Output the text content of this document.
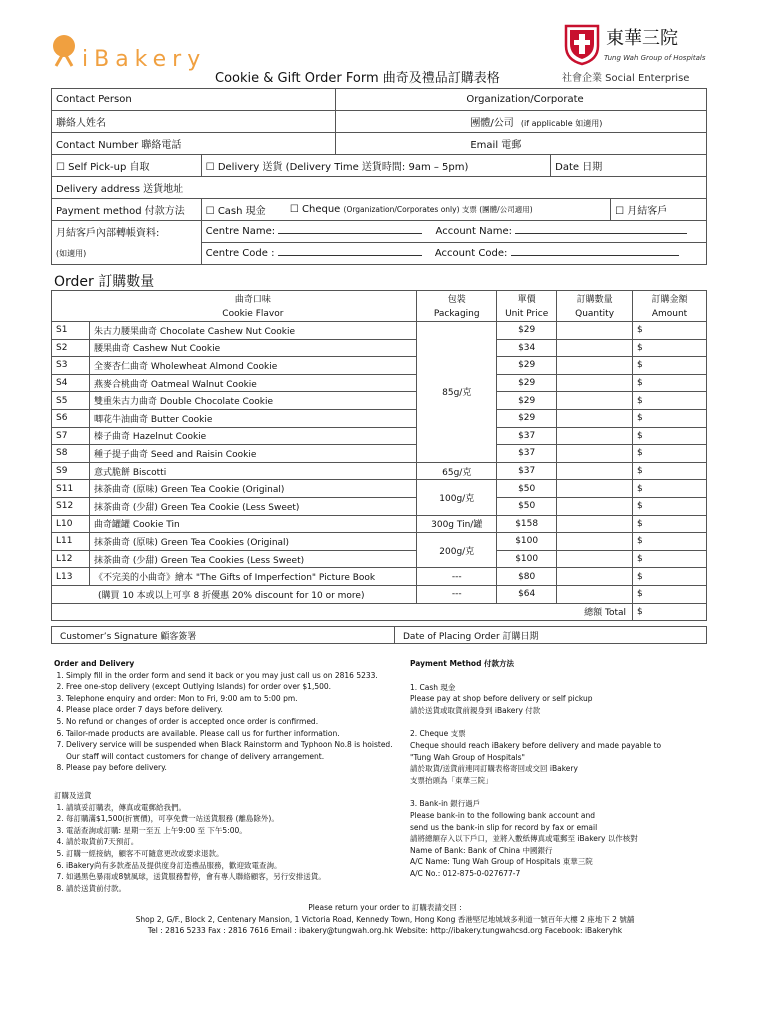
iBakery
東華三院
Tung Wah Group of Hospitals
Cookie & Gift Order Form 曲奇及禮品訂購表格	社會企業 Social Enterprise
Contact Person		Organization/Corporate		

聯絡人姓名		團體/公司 (if applicable 如適用)		
Contact Number 聯絡電話		Email 電郵		
☐ Self Pick-up 自取	☐ Delivery 送貨 (Delivery Time 送貨時間: 9am – 5pm)		Date 日期	
Delivery address 送貨地址				
Payment method 付款方法	☐ Cash 現金	☐ Cheque (Organization/Corporates only) 支票 (團體/公司適用)		☐ 月結客戶
月結客戶內部轉帳資料:	Centre Name: Account Name:			
(如適用)	Centre Code : Account Code:			
Order 訂購數量
	曲奇口味	包裝	單價	訂購數量	訂購金額
	Cookie Flavor	Packaging	Unit Price	Quantity	Amount
S1	朱古力腰果曲奇 Chocolate Cashew Nut Cookie	85g/克	$29		$
S2	腰果曲奇 Cashew Nut Cookie		$34		$
S3	全麥杏仁曲奇 Wholewheat Almond Cookie		$29		$
S4	燕麥合桃曲奇 Oatmeal Walnut Cookie		$29		$
S5	雙重朱古力曲奇 Double Chocolate Cookie		$29		$
S6	唧花牛油曲奇 Butter Cookie		$29		$
S7	榛子曲奇 Hazelnut Cookie		$37		$
S8	種子提子曲奇 Seed and Raisin Cookie		$37		$
S9	意式脆餅 Biscotti	65g/克	$37		$
S11	抹茶曲奇 (原味) Green Tea Cookie (Original)	100g/克	$50		$
S12	抹茶曲奇 (少甜) Green Tea Cookie (Less Sweet)		$50		$
L10	曲奇罐罐 Cookie Tin	300g Tin/罐	$158		$
L11	抹茶曲奇 (原味) Green Tea Cookies (Original)	200g/克	$100		$
L12	抹茶曲奇 (少甜) Green Tea Cookies (Less Sweet)		$100		$
L13	《不完美的小曲奇》繪本 "The Gifts of Imperfection" Picture Book	---	$80		$
(購買 10 本或以上可享 8 折優惠 20% discount for 10 or more)		---	$64		$
總額 Total					$
Customer’s Signature 顧客簽署	Date of Placing Order 訂購日期
Order and Delivery
1. Simply fill in the order form and send it back or you may just call us on 2816 5233.
2. Free one-stop delivery (except Outlying Islands) for order over $1,500.
3. Telephone enquiry and order: Mon to Fri, 9:00 am to 5:00 pm.
4. Please place order 7 days before delivery.
5. No refund or changes of order is accepted once order is confirmed.
6. Tailor-made products are available. Please call us for further information.
7. Delivery service will be suspended when Black Rainstorm and Typhoon No.8 is hoisted. Our staff will contact customers for change of delivery arrangement.
8. Please pay before delivery.
訂購及送貨
1. 請填妥訂購表，傳真或電郵給我們。
2. 每訂購滿$1,500(折實價)，可享免費一站送貨服務 (離島除外)。
3. 電話查詢或訂購: 星期一至五 上午9:00 至 下午5:00。
4. 請於取貨前7天預訂。
5. 訂購一經接納，顧客不可隨意更改或要求退款。
6. iBakery尚有多款產品及提供度身訂造禮品服務，歡迎致電查詢。
7. 如遇黑色暴雨或8號風球，送貨服務暫停，會有專人聯絡顧客，另行安排送貨。
8. 請於送貨前付款。
Payment Method 付款方法
1. Cash 現金
Please pay at shop before delivery or self pickup
請於送貨或取貨前親身到 iBakery 付款
2. Cheque 支票
Cheque should reach iBakery before delivery and made payable to
"Tung Wah Group of Hospitals"
請於取貨/送貨前連同訂購表格寄回或交回 iBakery
支票抬頭為「東華三院」
3. Bank-in 銀行過戶
Please bank-in to the following bank account and
send us the bank-in slip for record by fax or email
請將總額存入以下戶口，並將入數紙傳真或電郵至 iBakery 以作核對
Name of Bank: Bank of China 中國銀行
A/C Name: Tung Wah Group of Hospitals 東華三院
A/C No.: 012-875-0-027677-7
Please return your order to 訂購表請交回 :
Shop 2, G/F., Block 2, Centenary Mansion, 1 Victoria Road, Kennedy Town, Hong Kong 香港堅尼地城域多利道一號百年大樓 2 座地下 2 號舖
Tel : 2816 5233 Fax : 2816 7616 Email : ibakery@tungwah.org.hk Website: http://ibakery.tungwahcsd.org Facebook: iBakeryhk
